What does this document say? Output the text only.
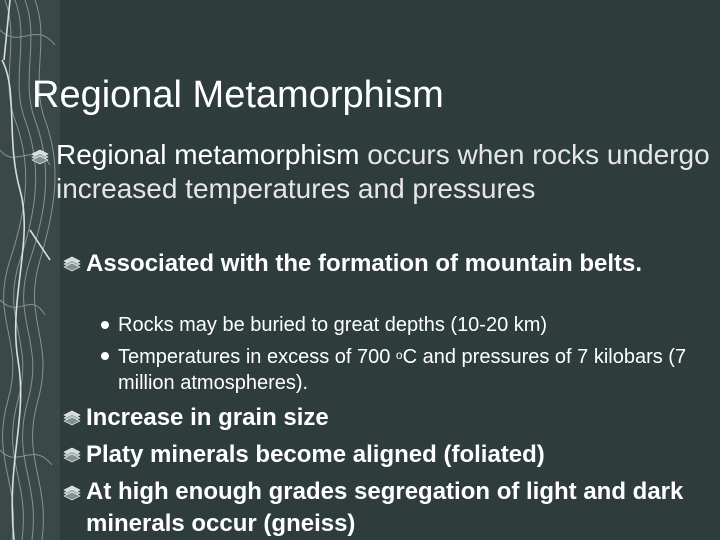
Regional Metamorphism
Regional metamorphism occurs when rocks undergo increased temperatures and pressures
Associated with the formation of mountain belts.
Rocks may be buried to great depths (10-20 km)
Temperatures in excess of 700 $^o$C and pressures of 7 kilobars (7 million atmospheres).
Increase in grain size
Platy minerals become aligned (foliated)
At high enough grades segregation of light and dark minerals occur (gneiss)
